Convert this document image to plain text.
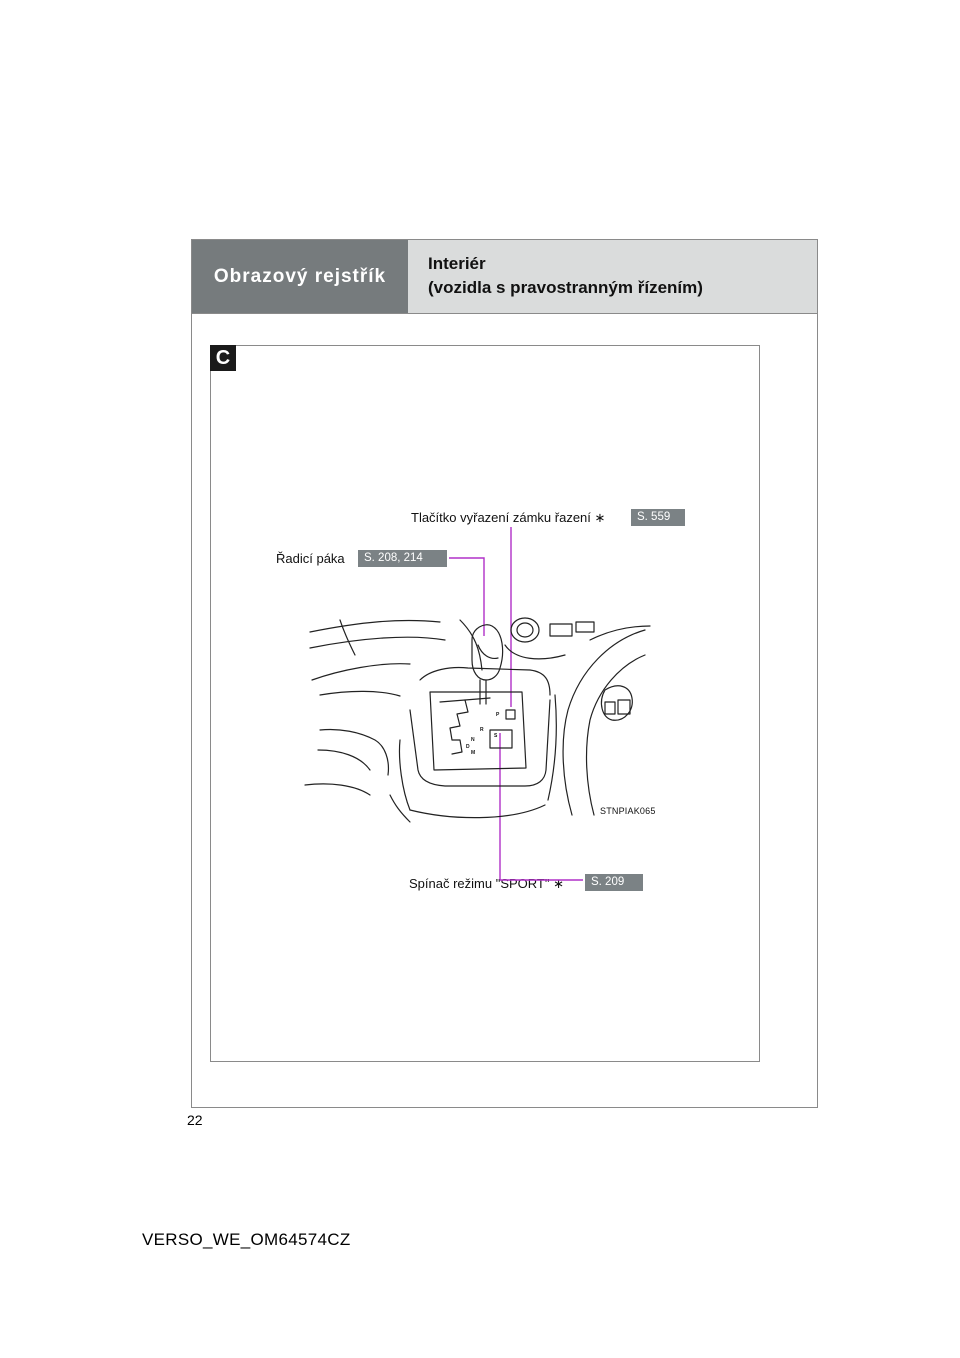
Obrazový rejstřík
Interiér
(vozidla s pravostranným řízením)
C
Tlačítko vyřazení zámku řazení ∗	S. 559
Řadicí páka	S. 208, 214
Spínač režimu "SPORT" ∗	S. 209
STNPIAK065
P
R
N
D
M
S
22
VERSO_WE_OM64574CZ
